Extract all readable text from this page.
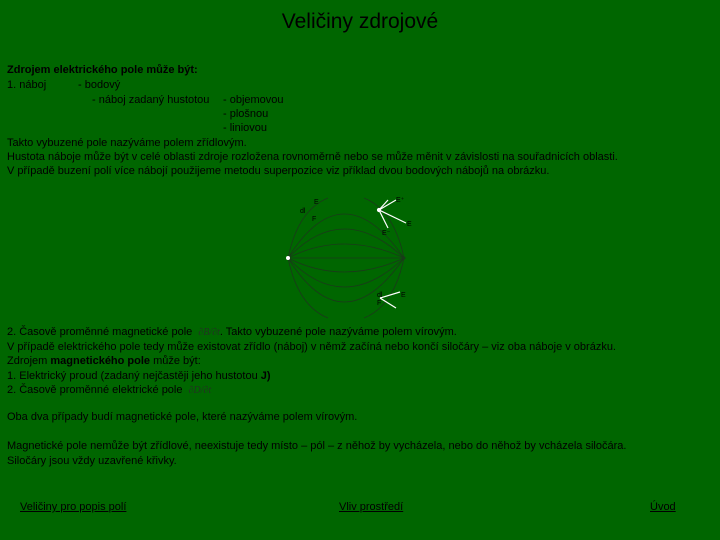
Veličiny zdrojové
Zdrojem elektrického pole může být:
1. náboj	- bodový
- náboj zadaný hustotou - objemovou
- plošnou
- liniovou
Takto vybuzené pole nazýváme polem zřídlovým.
Hustota náboje může být v celé oblasti zdroje rozložena rovnoměrně nebo se může měnit v závislosti na souřadnicích oblasti.
V případě buzení polí více nábojí použijeme metodu superpozice viz příklad dvou bodových nábojů na obrázku.
E
dl
F
E⁺
E
E⁻
dl
F
E
2. Časově proměnné magnetické pole ∂B/∂t. Takto vybuzené pole nazýváme polem vírovým.
V případě elektrického pole tedy může existovat zřídlo (náboj) v němž začíná nebo končí siločáry – viz oba náboje v obrázku.
Zdrojem magnetického pole může být:
1. Elektrický proud (zadaný nejčastěji jeho hustotou J)
2. Časově proměnné elektrické pole ∂D/∂t
Oba dva případy budí magnetické pole, které nazýváme polem vírovým.
Magnetické pole nemůže být zřídlové, neexistuje tedy místo – pól – z něhož by vycházela, nebo do něhož by vcházela siločára.
Siločáry jsou vždy uzavřené křivky.
Veličiny pro popis polí	Vliv prostředí	Úvod
